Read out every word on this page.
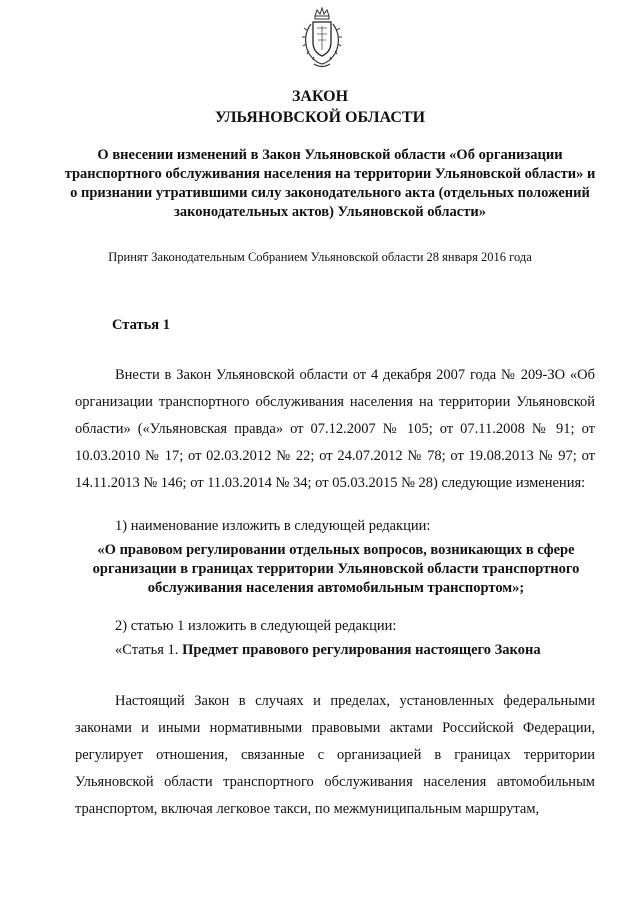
ЗАКОН
УЛЬЯНОВСКОЙ ОБЛАСТИ
О внесении изменений в Закон Ульяновской области «Об организации транспортного обслуживания населения на территории Ульяновской области» и о признании утратившими силу законодательного акта (отдельных положений законодательных актов) Ульяновской области»
Принят Законодательным Собранием Ульяновской области 28 января 2016 года
Статья 1
Внести в Закон Ульяновской области от 4 декабря 2007 года № 209-ЗО «Об организации транспортного обслуживания населения на территории Ульяновской области» («Ульяновская правда» от 07.12.2007 № 105; от 07.11.2008 № 91; от 10.03.2010 № 17; от 02.03.2012 № 22; от 24.07.2012 № 78; от 19.08.2013 № 97; от 14.11.2013 № 146; от 11.03.2014 № 34; от 05.03.2015 № 28) следующие изменения:
1) наименование изложить в следующей редакции:
«О правовом регулировании отдельных вопросов, возникающих в сфере организации в границах территории Ульяновской области транспортного обслуживания населения автомобильным транспортом»;
2) статью 1 изложить в следующей редакции:
«Статья 1. Предмет правового регулирования настоящего Закона
Настоящий Закон в случаях и пределах, установленных федеральными законами и иными нормативными правовыми актами Российской Федерации, регулирует отношения, связанные с организацией в границах территории Ульяновской области транспортного обслуживания населения автомобильным транспортом, включая легковое такси, по межмуниципальным маршрутам,
